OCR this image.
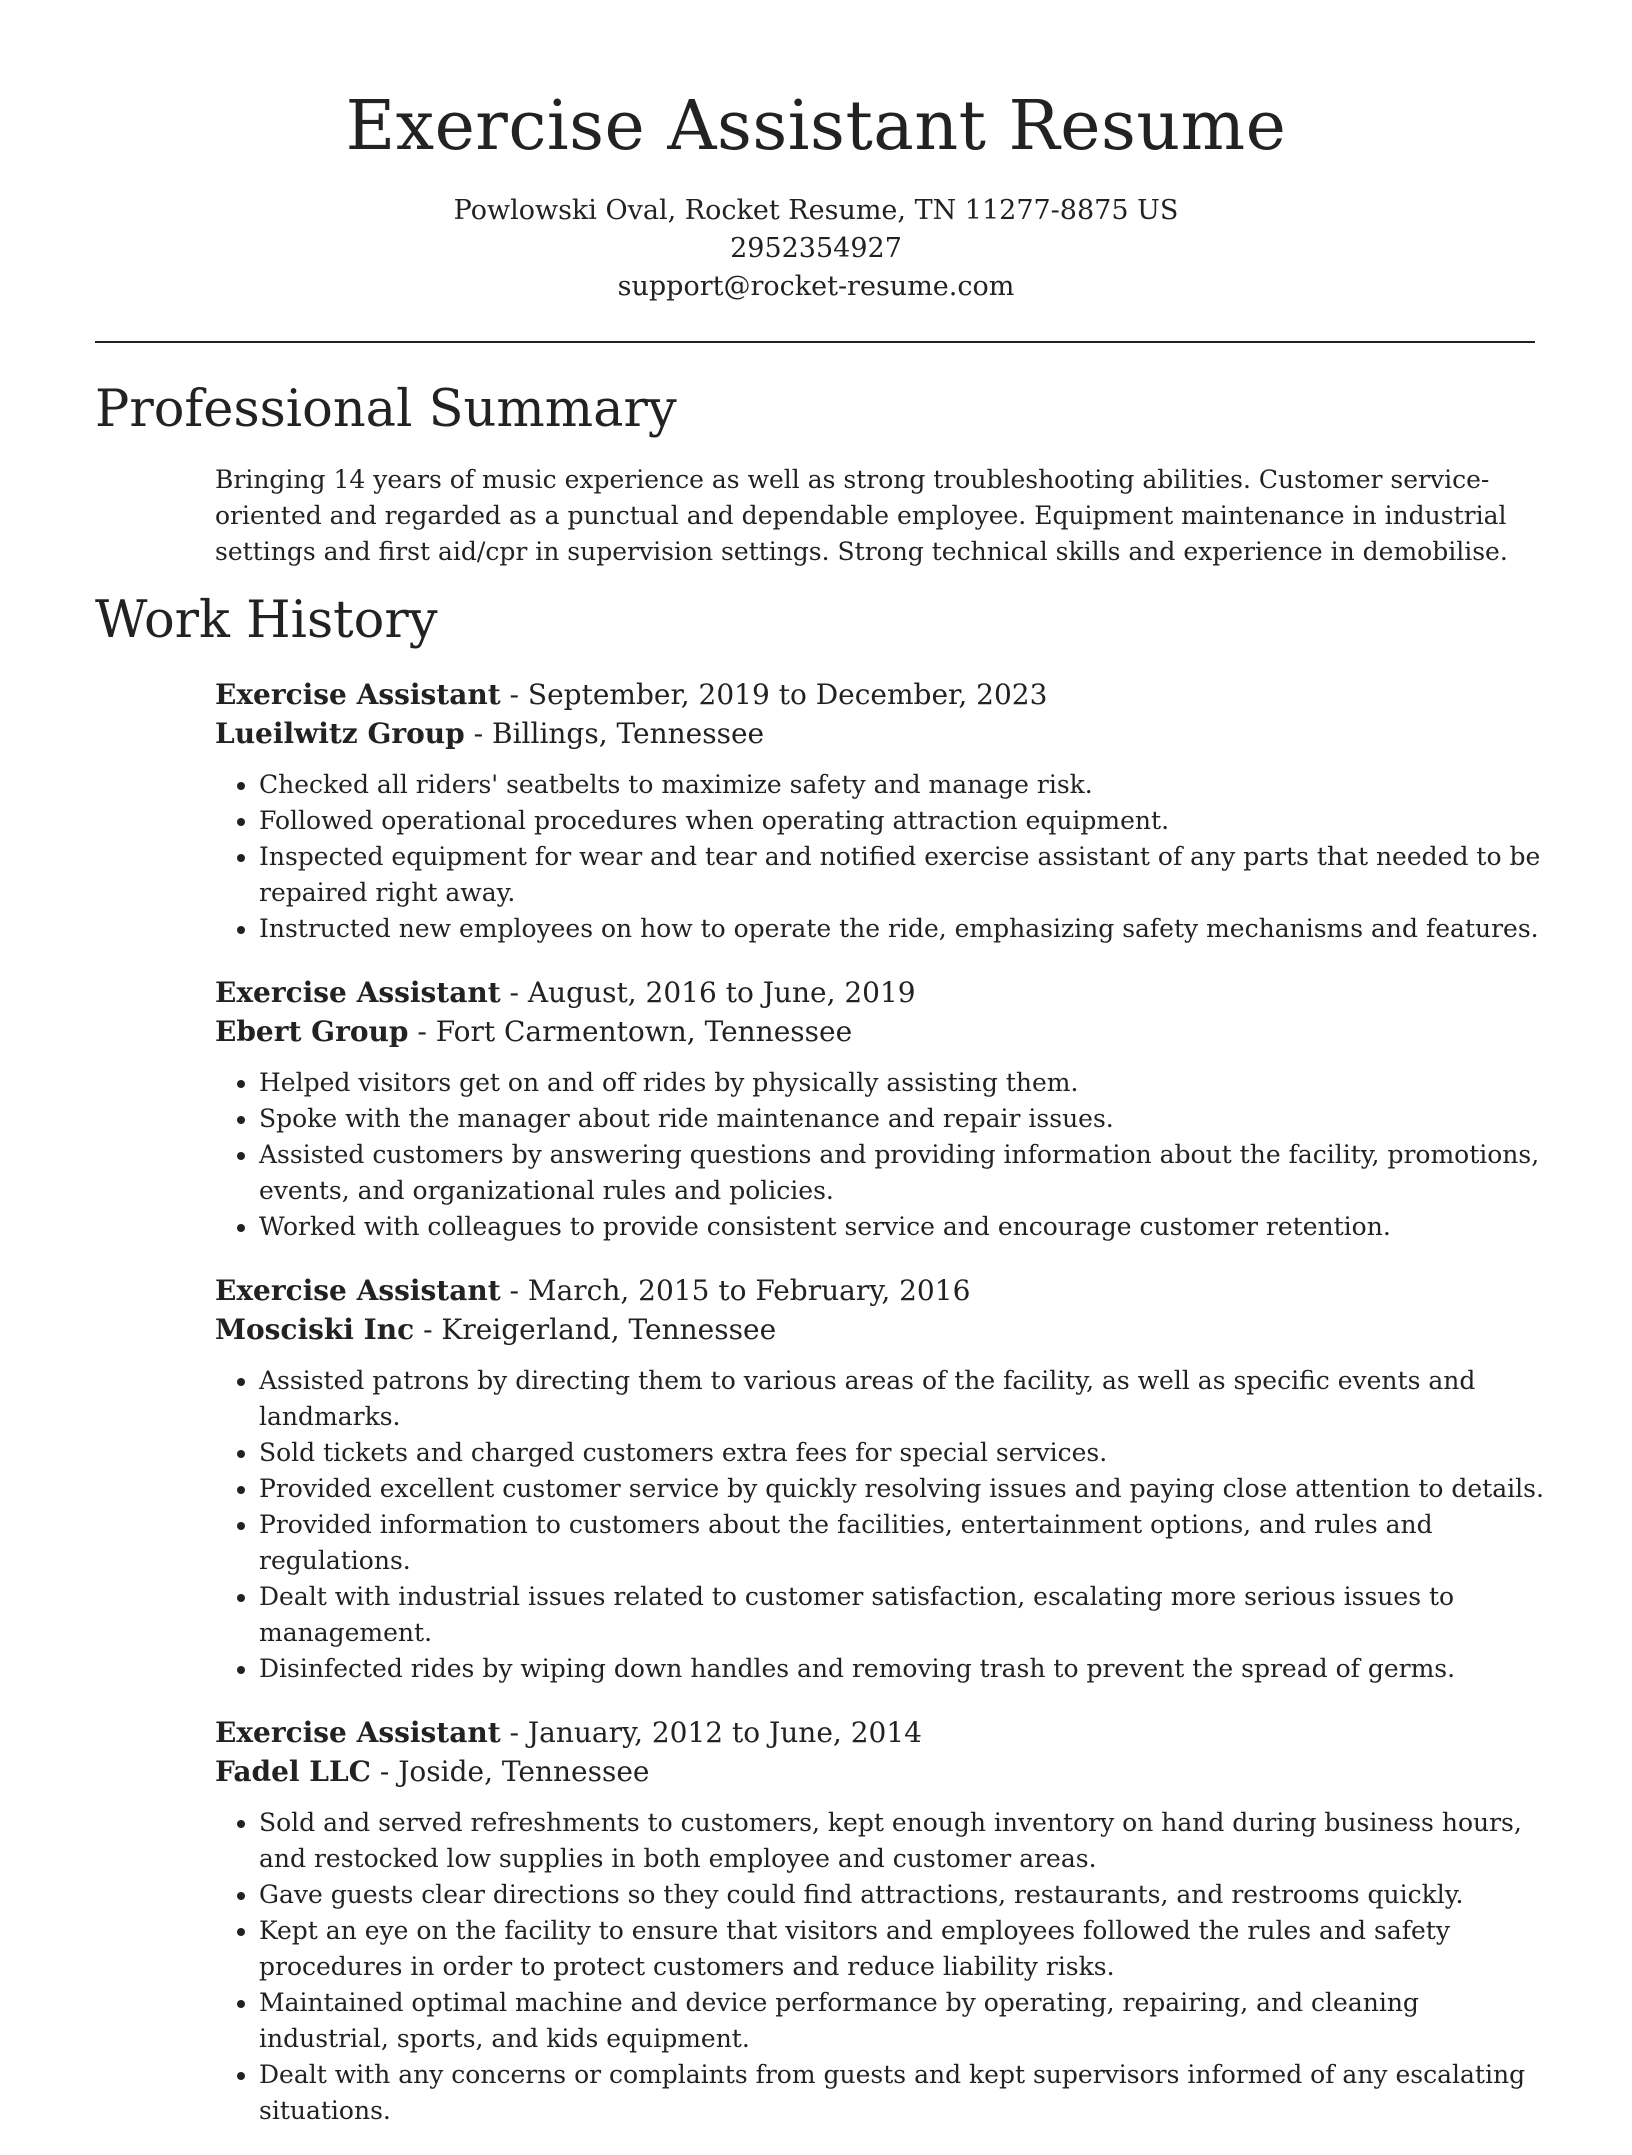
Exercise Assistant Resume
Powlowski Oval, Rocket Resume, TN 11277-8875 US
2952354927
support@rocket-resume.com
Professional Summary

Bringing 14 years of music experience as well as strong troubleshooting abilities. Customer service-oriented and regarded as a punctual and dependable employee. Equipment maintenance in industrial settings and first aid/cpr in supervision settings. Strong technical skills and experience in demobilise.

Work History
Exercise Assistant - September, 2019 to December, 2023
Lueilwitz Group - Billings, Tennessee
• Checked all riders' seatbelts to maximize safety and manage risk.
• Followed operational procedures when operating attraction equipment.
• Inspected equipment for wear and tear and notified exercise assistant of any parts that needed to be repaired right away.
• Instructed new employees on how to operate the ride, emphasizing safety mechanisms and features.
Exercise Assistant - August, 2016 to June, 2019
Ebert Group - Fort Carmentown, Tennessee
• Helped visitors get on and off rides by physically assisting them.
• Spoke with the manager about ride maintenance and repair issues.
• Assisted customers by answering questions and providing information about the facility, promotions, events, and organizational rules and policies.
• Worked with colleagues to provide consistent service and encourage customer retention.
Exercise Assistant - March, 2015 to February, 2016
Mosciski Inc - Kreigerland, Tennessee
• Assisted patrons by directing them to various areas of the facility, as well as specific events and landmarks.
• Sold tickets and charged customers extra fees for special services.
• Provided excellent customer service by quickly resolving issues and paying close attention to details.
• Provided information to customers about the facilities, entertainment options, and rules and regulations.
• Dealt with industrial issues related to customer satisfaction, escalating more serious issues to management.
• Disinfected rides by wiping down handles and removing trash to prevent the spread of germs.
Exercise Assistant - January, 2012 to June, 2014
Fadel LLC - Joside, Tennessee
• Sold and served refreshments to customers, kept enough inventory on hand during business hours, and restocked low supplies in both employee and customer areas.
• Gave guests clear directions so they could find attractions, restaurants, and restrooms quickly.
• Kept an eye on the facility to ensure that visitors and employees followed the rules and safety procedures in order to protect customers and reduce liability risks.
• Maintained optimal machine and device performance by operating, repairing, and cleaning industrial, sports, and kids equipment.
• Dealt with any concerns or complaints from guests and kept supervisors informed of any escalating situations.
